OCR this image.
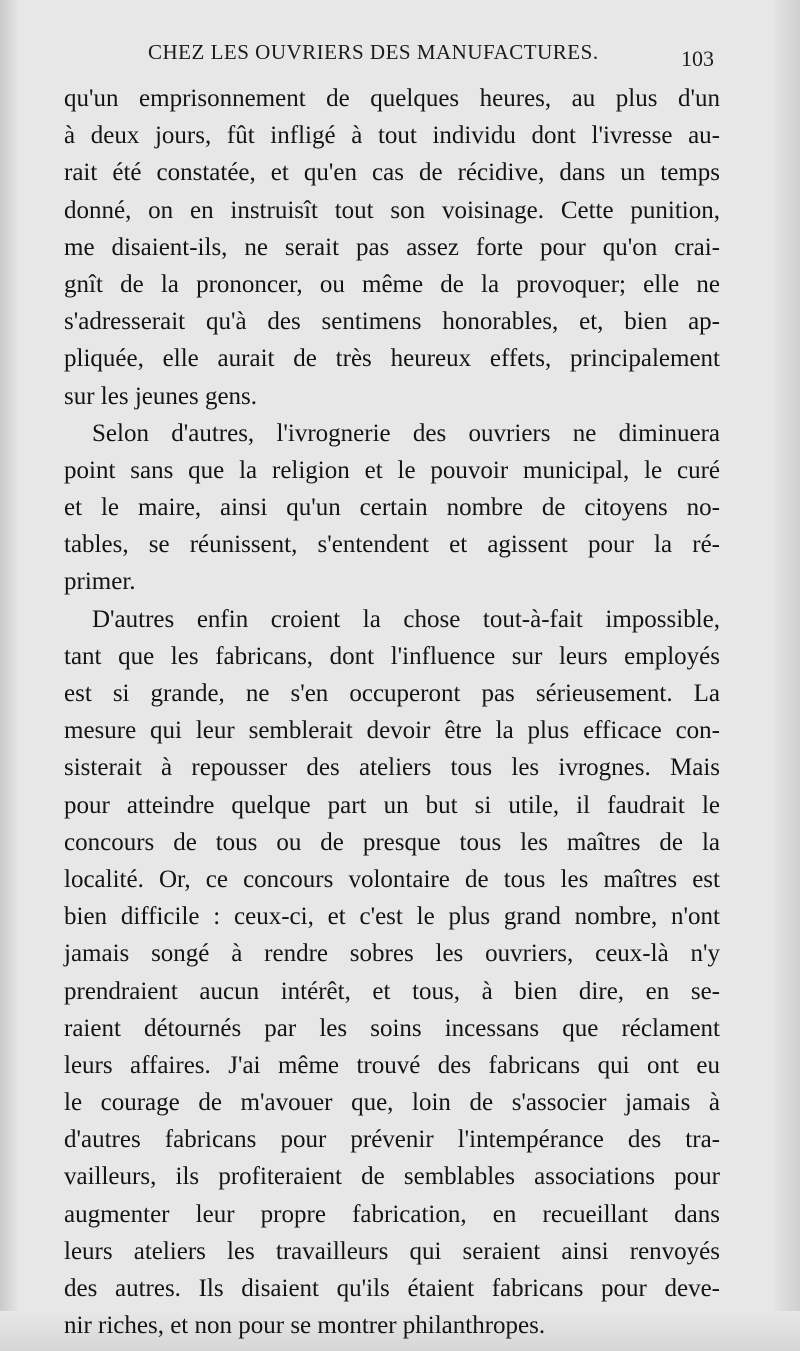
CHEZ LES OUVRIERS DES MANUFACTURES.	103
qu'un emprisonnement de quelques heures, au plus d'un
à deux jours, fût infligé à tout individu dont l'ivresse au-
rait été constatée, et qu'en cas de récidive, dans un temps
donné, on en instruisît tout son voisinage. Cette punition,
me disaient-ils, ne serait pas assez forte pour qu'on crai-
gnît de la prononcer, ou même de la provoquer; elle ne
s'adresserait qu'à des sentimens honorables, et, bien ap-
pliquée, elle aurait de très heureux effets, principalement
sur les jeunes gens.
Selon d'autres, l'ivrognerie des ouvriers ne diminuera
point sans que la religion et le pouvoir municipal, le curé
et le maire, ainsi qu'un certain nombre de citoyens no-
tables, se réunissent, s'entendent et agissent pour la ré-
primer.
D'autres enfin croient la chose tout-à-fait impossible,
tant que les fabricans, dont l'influence sur leurs employés
est si grande, ne s'en occuperont pas sérieusement. La
mesure qui leur semblerait devoir être la plus efficace con-
sisterait à repousser des ateliers tous les ivrognes. Mais
pour atteindre quelque part un but si utile, il faudrait le
concours de tous ou de presque tous les maîtres de la
localité. Or, ce concours volontaire de tous les maîtres est
bien difficile : ceux-ci, et c'est le plus grand nombre, n'ont
jamais songé à rendre sobres les ouvriers, ceux-là n'y
prendraient aucun intérêt, et tous, à bien dire, en se-
raient détournés par les soins incessans que réclament
leurs affaires. J'ai même trouvé des fabricans qui ont eu
le courage de m'avouer que, loin de s'associer jamais à
d'autres fabricans pour prévenir l'intempérance des tra-
vailleurs, ils profiteraient de semblables associations pour
augmenter leur propre fabrication, en recueillant dans
leurs ateliers les travailleurs qui seraient ainsi renvoyés
des autres. Ils disaient qu'ils étaient fabricans pour deve-
nir riches, et non pour se montrer philanthropes.
